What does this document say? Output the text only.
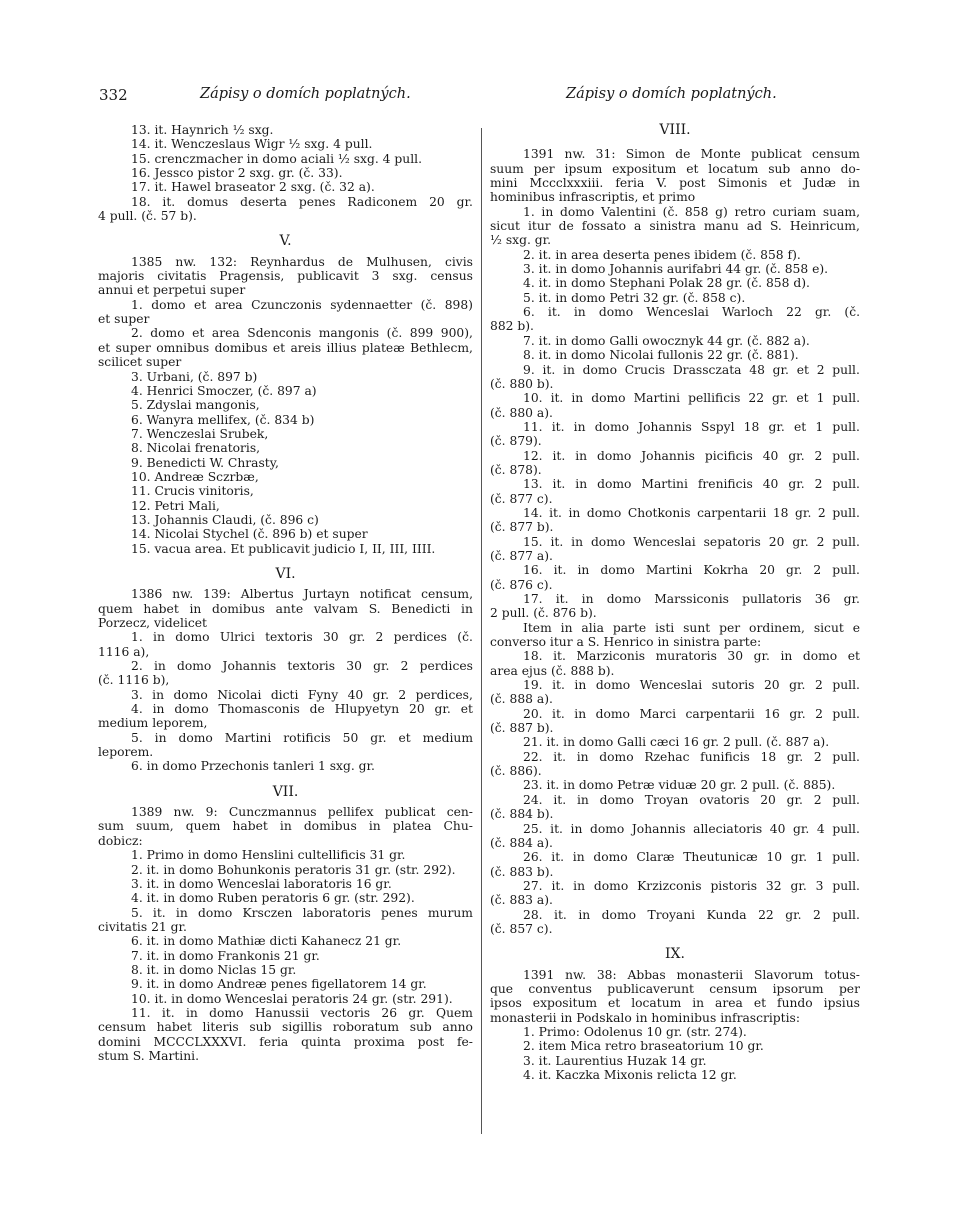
332	Zápisy o domích poplatných.	Zápisy o domích poplatných.
13. it. Haynrich ½ sxg.
14. it. Wenczeslaus Wigr ½ sxg. 4 pull.
15. crenczmacher in domo aciali ½ sxg. 4 pull.
16. Jessco pistor 2 sxg. gr. (č. 33).
17. it. Hawel braseator 2 sxg. (č. 32 a).
18. it. domus deserta penes Radiconem 20 gr.
4 pull. (č. 57 b).
V.
1385 nw. 132: Reynhardus de Mulhusen, civis
majoris civitatis Pragensis, publicavit 3 sxg. census
annui et perpetui super
1. domo et area Czunczonis sydennaetter (č. 898)
et super
2. domo et area Sdenconis mangonis (č. 899 900),
et super omnibus domibus et areis illius plateæ Bethlecm,
scilicet super
3. Urbani, (č. 897 b)
4. Henrici Smoczer, (č. 897 a)
5. Zdyslai mangonis,
6. Wanyra mellifex, (č. 834 b)
7. Wenczeslai Srubek,
8. Nicolai frenatoris,
9. Benedicti W. Chrasty,
10. Andreæ Sczrbæ,
11. Crucis vinitoris,
12. Petri Mali,
13. Johannis Claudi, (č. 896 c)
14. Nicolai Stychel (č. 896 b) et super
15. vacua area. Et publicavit judicio I, II, III, IIII.
VI.
1386 nw. 139: Albertus Jurtayn notificat censum,
quem habet in domibus ante valvam S. Benedicti in
Porzecz, videlicet
1. in domo Ulrici textoris 30 gr. 2 perdices (č.
1116 a),
2. in domo Johannis textoris 30 gr. 2 perdices
(č. 1116 b),
3. in domo Nicolai dicti Fyny 40 gr. 2 perdices,
4. in domo Thomasconis de Hlupyetyn 20 gr. et
medium leporem,
5. in domo Martini rotificis 50 gr. et medium
leporem.
6. in domo Przechonis tanleri 1 sxg. gr.
VII.
1389 nw. 9: Cunczmannus pellifex publicat cen-
sum suum, quem habet in domibus in platea Chu-
dobicz:
1. Primo in domo Henslini cultellificis 31 gr.
2. it. in domo Bohunkonis peratoris 31 gr. (str. 292).
3. it. in domo Wenceslai laboratoris 16 gr.
4. it. in domo Ruben peratoris 6 gr. (str. 292).
5. it. in domo Krsczen laboratoris penes murum
civitatis 21 gr.
6. it. in domo Mathiæ dicti Kahanecz 21 gr.
7. it. in domo Frankonis 21 gr.
8. it. in domo Niclas 15 gr.
9. it. in domo Andreæ penes figellatorem 14 gr.
10. it. in domo Wenceslai peratoris 24 gr. (str. 291).
11. it. in domo Hanussii vectoris 26 gr. Quem
censum habet literis sub sigillis roboratum sub anno
domini MCCCLXXXVI. feria quinta proxima post fe-
stum S. Martini.
VIII.
1391 nw. 31: Simon de Monte publicat censum
suum per ipsum expositum et locatum sub anno do-
mini Mccclxxxiii. feria V. post Simonis et Judæ in
hominibus infrascriptis, et primo
1. in domo Valentini (č. 858 g) retro curiam suam,
sicut itur de fossato a sinistra manu ad S. Heinricum,
½ sxg. gr.
2. it. in area deserta penes ibidem (č. 858 f).
3. it. in domo Johannis aurifabri 44 gr. (č. 858 e).
4. it. in domo Stephani Polak 28 gr. (č. 858 d).
5. it. in domo Petri 32 gr. (č. 858 c).
6. it. in domo Wenceslai Warloch 22 gr. (č.
882 b).
7. it. in domo Galli owocznyk 44 gr. (č. 882 a).
8. it. in domo Nicolai fullonis 22 gr. (č. 881).
9. it. in domo Crucis Drassczata 48 gr. et 2 pull.
(č. 880 b).
10. it. in domo Martini pellificis 22 gr. et 1 pull.
(č. 880 a).
11. it. in domo Johannis Sspyl 18 gr. et 1 pull.
(č. 879).
12. it. in domo Johannis picificis 40 gr. 2 pull.
(č. 878).
13. it. in domo Martini frenificis 40 gr. 2 pull.
(č. 877 c).
14. it. in domo Chotkonis carpentarii 18 gr. 2 pull.
(č. 877 b).
15. it. in domo Wenceslai sepatoris 20 gr. 2 pull.
(č. 877 a).
16. it. in domo Martini Kokrha 20 gr. 2 pull.
(č. 876 c).
17. it. in domo Marssiconis pullatoris 36 gr.
2 pull. (č. 876 b).
Item in alia parte isti sunt per ordinem, sicut e
converso itur a S. Henrico in sinistra parte:
18. it. Marziconis muratoris 30 gr. in domo et
area ejus (č. 888 b).
19. it. in domo Wenceslai sutoris 20 gr. 2 pull.
(č. 888 a).
20. it. in domo Marci carpentarii 16 gr. 2 pull.
(č. 887 b).
21. it. in domo Galli cæci 16 gr. 2 pull. (č. 887 a).
22. it. in domo Rzehac funificis 18 gr. 2 pull.
(č. 886).
23. it. in domo Petræ viduæ 20 gr. 2 pull. (č. 885).
24. it. in domo Troyan ovatoris 20 gr. 2 pull.
(č. 884 b).
25. it. in domo Johannis alleciatoris 40 gr. 4 pull.
(č. 884 a).
26. it. in domo Claræ Theutunicæ 10 gr. 1 pull.
(č. 883 b).
27. it. in domo Krzizconis pistoris 32 gr. 3 pull.
(č. 883 a).
28. it. in domo Troyani Kunda 22 gr. 2 pull.
(č. 857 c).
IX.
1391 nw. 38: Abbas monasterii Slavorum totus-
que conventus publicaverunt censum ipsorum per
ipsos expositum et locatum in area et fundo ipsius
monasterii in Podskalo in hominibus infrascriptis:
1. Primo: Odolenus 10 gr. (str. 274).
2. item Mica retro braseatorium 10 gr.
3. it. Laurentius Huzak 14 gr.
4. it. Kaczka Mixonis relicta 12 gr.
